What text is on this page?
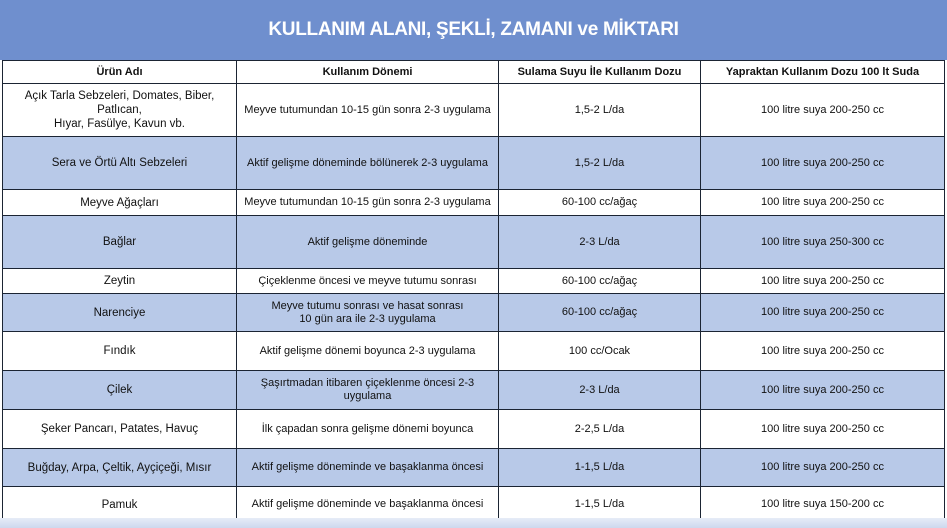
KULLANIM ALANI, ŞEKLİ, ZAMANI ve MİKTARI
Ürün Adı	Kullanım Dönemi	Sulama Suyu İle Kullanım Dozu	Yapraktan Kullanım Dozu 100 lt Suda
Açık Tarla Sebzeleri, Domates, Biber, Patlıcan,
Hıyar, Fasülye, Kavun vb.	Meyve tutumundan 10-15 gün sonra 2-3 uygulama	1,5-2 L/da	100 litre suya 200-250 cc
Sera ve Örtü Altı Sebzeleri	Aktif gelişme döneminde bölünerek 2-3 uygulama	1,5-2 L/da	100 litre suya 200-250 cc
Meyve Ağaçları	Meyve tutumundan 10-15 gün sonra 2-3 uygulama	60-100 cc/ağaç	100 litre suya 200-250 cc
Bağlar	Aktif gelişme döneminde	2-3 L/da	100 litre suya 250-300 cc
Zeytin	Çiçeklenme öncesi ve meyve tutumu sonrası	60-100 cc/ağaç	100 litre suya 200-250 cc
Narenciye	Meyve tutumu sonrası ve hasat sonrası
10 gün ara ile 2-3 uygulama	60-100 cc/ağaç	100 litre suya 200-250 cc
Fındık	Aktif gelişme dönemi boyunca 2-3 uygulama	100 cc/Ocak	100 litre suya 200-250 cc
Çilek	Şaşırtmadan itibaren çiçeklenme öncesi 2-3 uygulama	2-3 L/da	100 litre suya 200-250 cc
Şeker Pancarı, Patates, Havuç	İlk çapadan sonra gelişme dönemi boyunca	2-2,5 L/da	100 litre suya 200-250 cc
Buğday, Arpa, Çeltik, Ayçiçeği, Mısır	Aktif gelişme döneminde ve başaklanma öncesi	1-1,5 L/da	100 litre suya 200-250 cc
Pamuk	Aktif gelişme döneminde ve başaklanma öncesi	1-1,5 L/da	100 litre suya 150-200 cc
